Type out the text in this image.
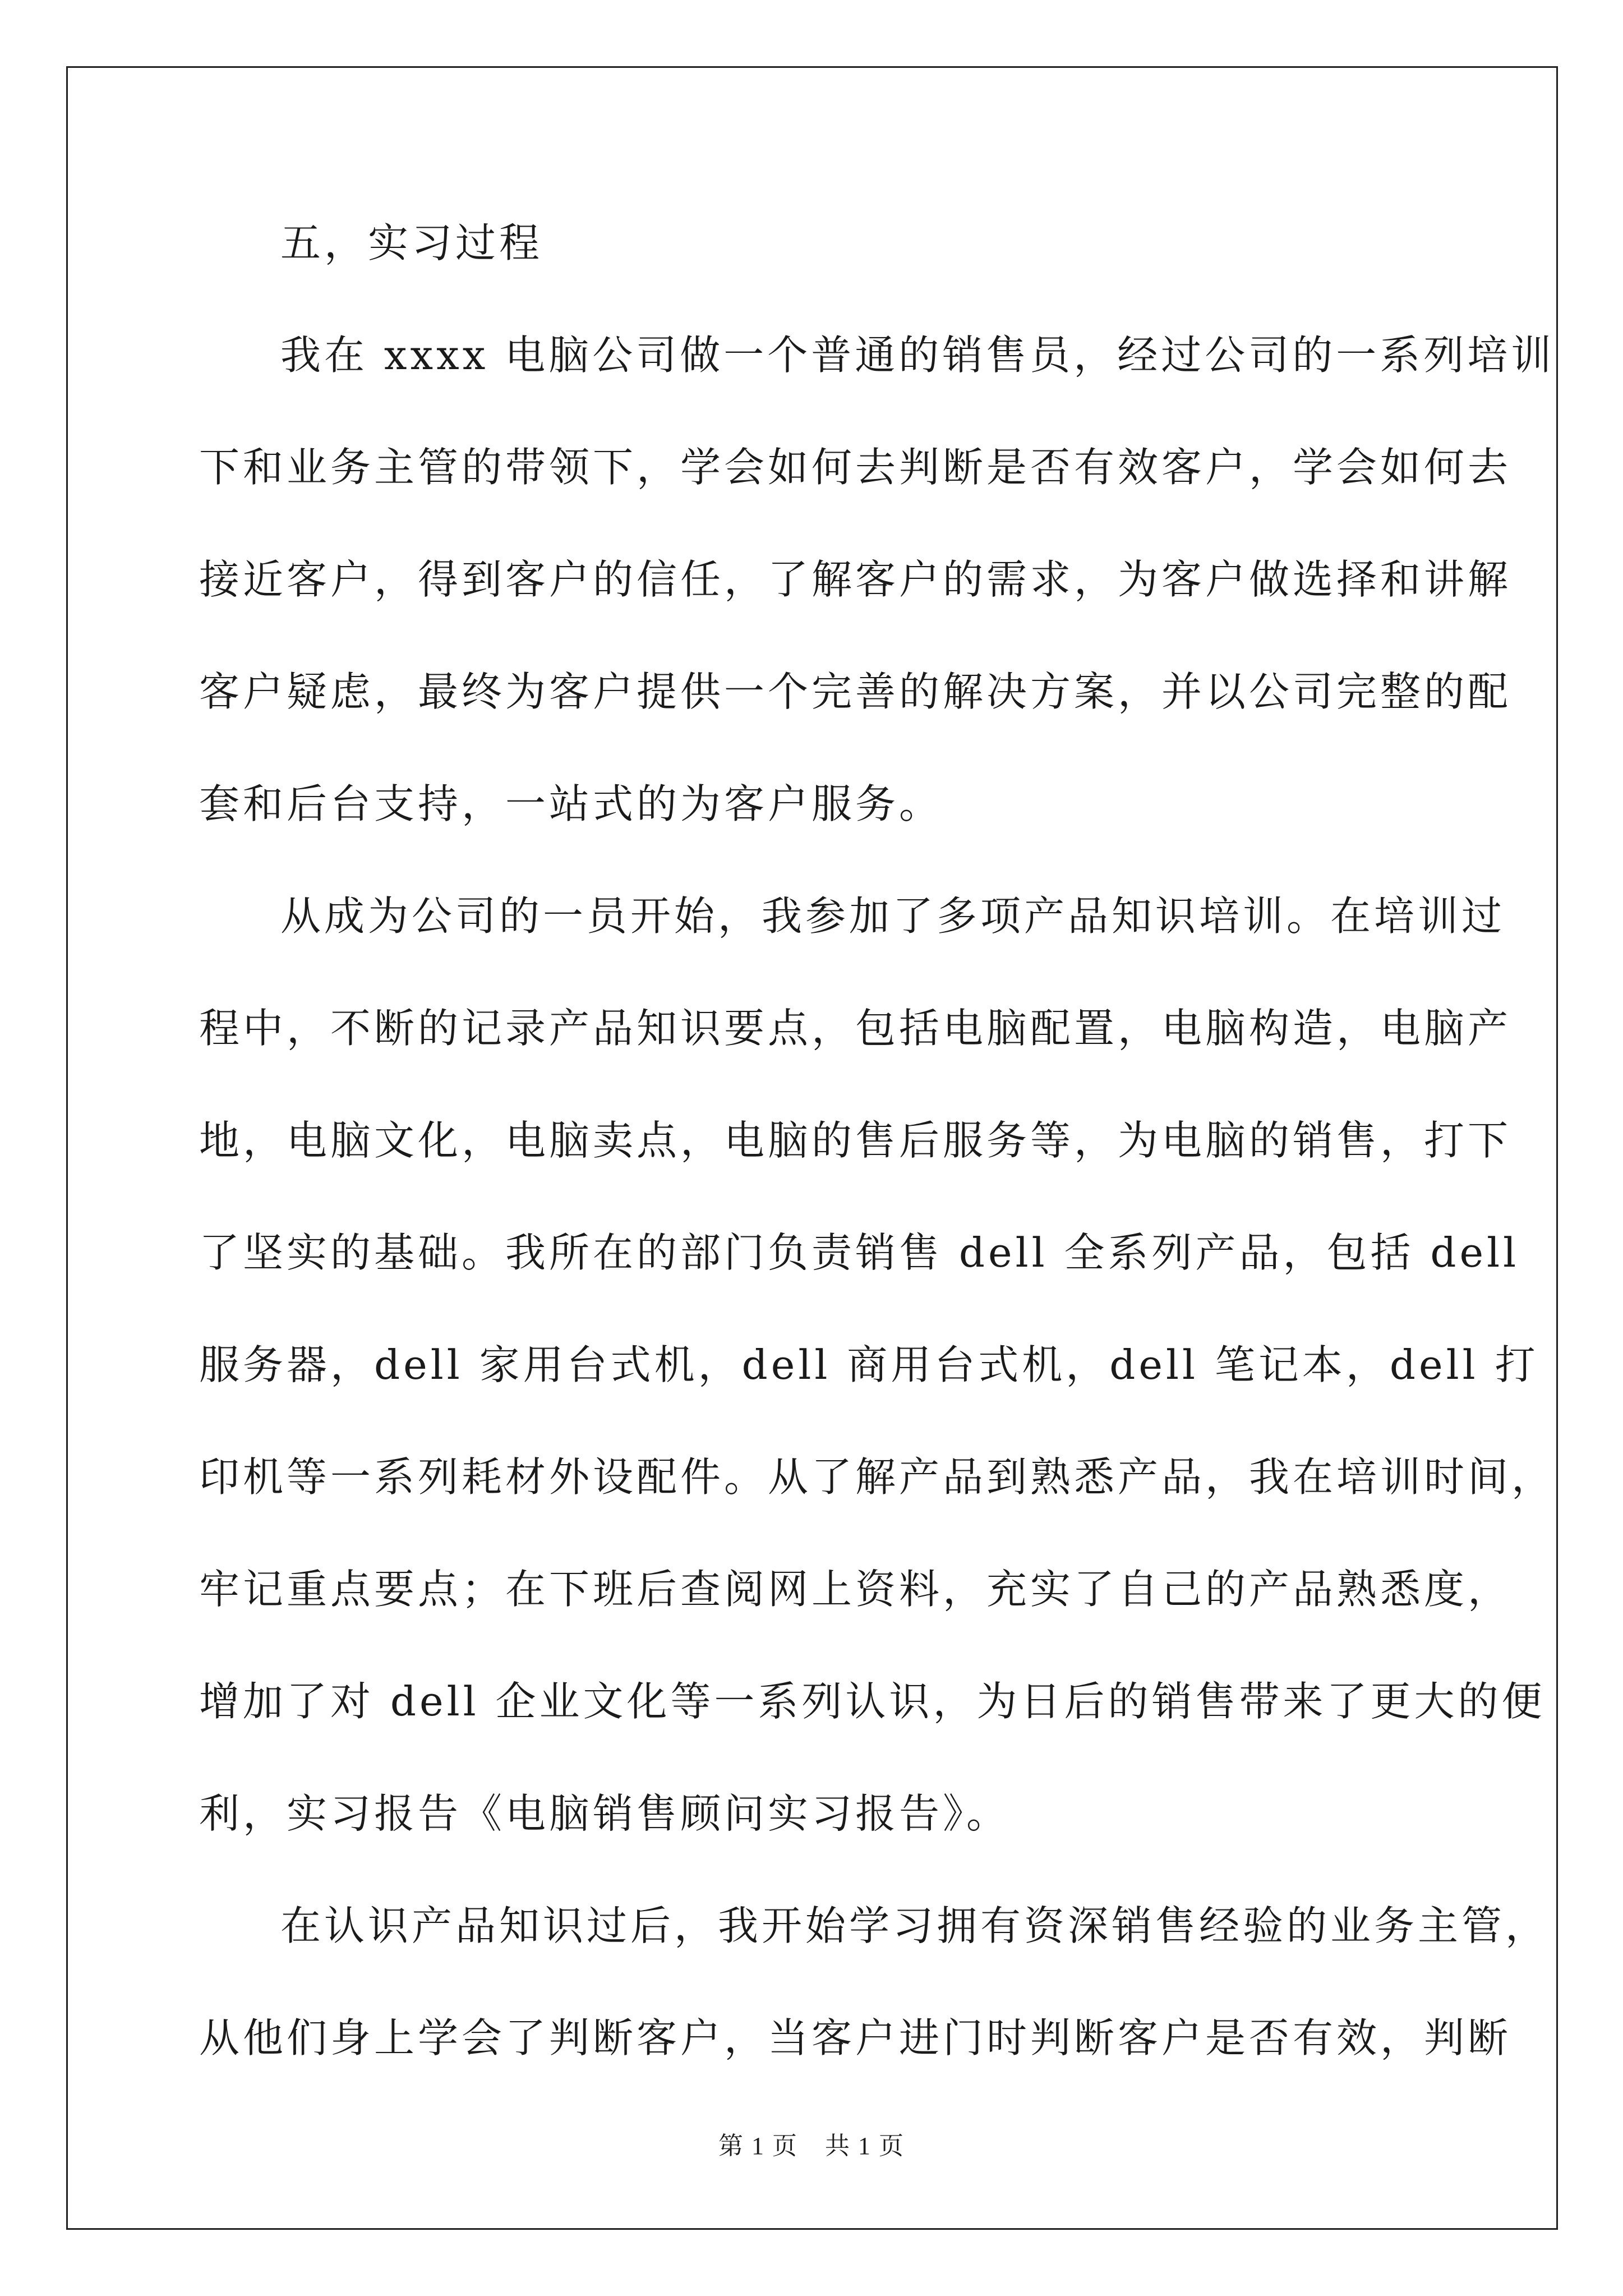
五，实习过程
我在 xxxx 电脑公司做一个普通的销售员，经过公司的一系列培训
下和业务主管的带领下，学会如何去判断是否有效客户，学会如何去
接近客户，得到客户的信任，了解客户的需求，为客户做选择和讲解
客户疑虑，最终为客户提供一个完善的解决方案，并以公司完整的配
套和后台支持，一站式的为客户服务。
从成为公司的一员开始，我参加了多项产品知识培训。在培训过
程中，不断的记录产品知识要点，包括电脑配置，电脑构造，电脑产
地，电脑文化，电脑卖点，电脑的售后服务等，为电脑的销售，打下
了坚实的基础。我所在的部门负责销售 dell 全系列产品，包括 dell
服务器，dell 家用台式机，dell 商用台式机，dell 笔记本，dell 打
印机等一系列耗材外设配件。从了解产品到熟悉产品，我在培训时间，
牢记重点要点；在下班后查阅网上资料，充实了自己的产品熟悉度，
增加了对 dell 企业文化等一系列认识，为日后的销售带来了更大的便
利，实习报告《电脑销售顾问实习报告》。
在认识产品知识过后，我开始学习拥有资深销售经验的业务主管，
从他们身上学会了判断客户，当客户进门时判断客户是否有效，判断
第 1 页 共 1 页
